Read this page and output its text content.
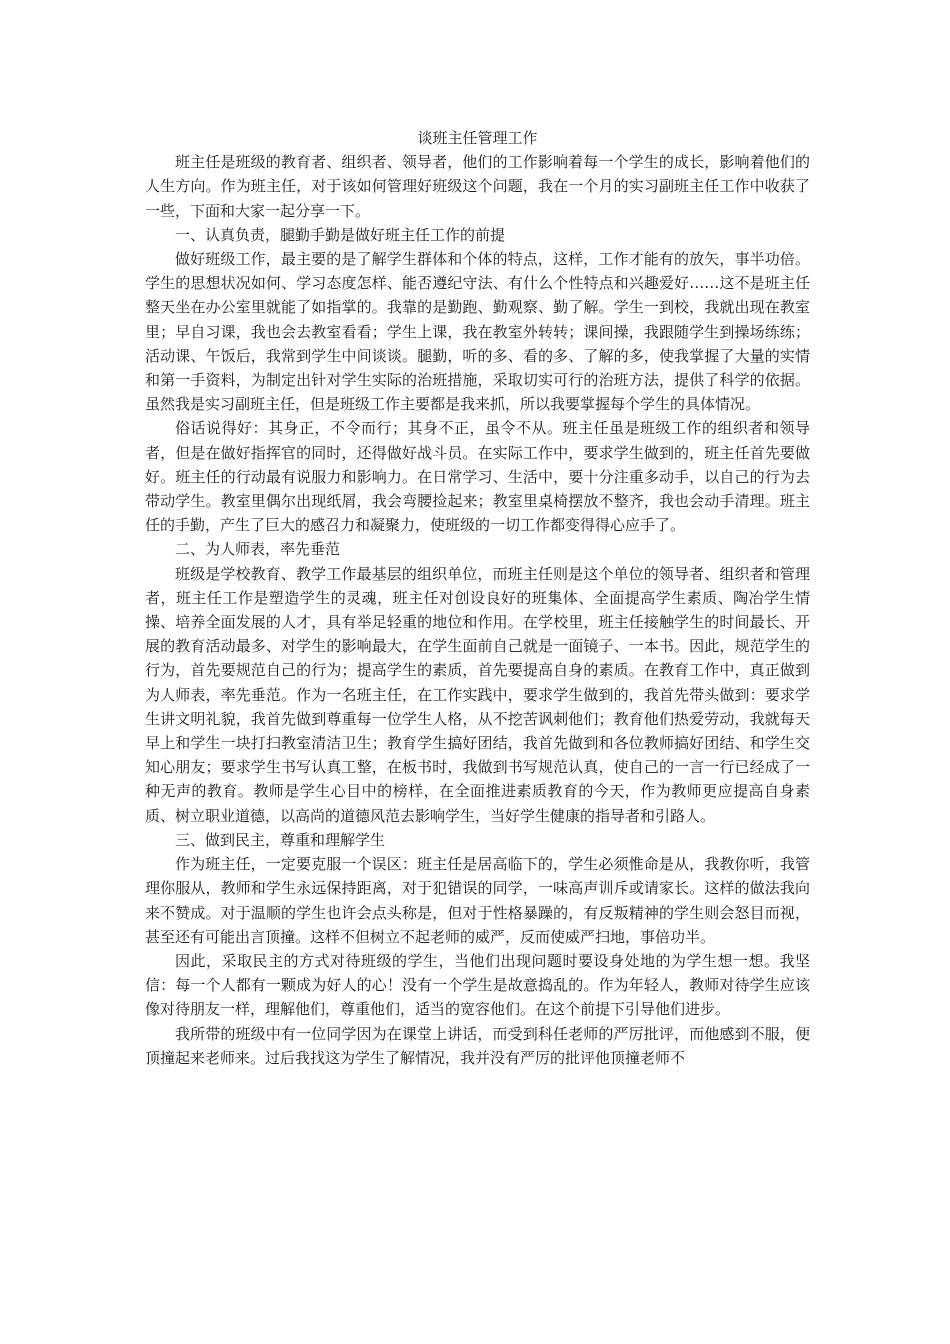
谈班主任管理工作

班主任是班级的教育者、组织者、领导者，他们的工作影响着每一个学生的成长，影响着他们的人生方向。作为班主任，对于该如何管理好班级这个问题，我在一个月的实习副班主任工作中收获了一些，下面和大家一起分享一下。

一、认真负责，腿勤手勤是做好班主任工作的前提

做好班级工作，最主要的是了解学生群体和个体的特点，这样，工作才能有的放矢，事半功倍。学生的思想状况如何、学习态度怎样、能否遵纪守法、有什么个性特点和兴趣爱好……这不是班主任整天坐在办公室里就能了如指掌的。我靠的是勤跑、勤观察、勤了解。学生一到校，我就出现在教室里；早自习课，我也会去教室看看；学生上课，我在教室外转转；课间操，我跟随学生到操场练练；活动课、午饭后，我常到学生中间谈谈。腿勤，听的多、看的多、了解的多，使我掌握了大量的实情和第一手资料，为制定出针对学生实际的治班措施，采取切实可行的治班方法，提供了科学的依据。虽然我是实习副班主任，但是班级工作主要都是我来抓，所以我要掌握每个学生的具体情况。

俗话说得好：其身正，不令而行；其身不正，虽令不从。班主任虽是班级工作的组织者和领导者，但是在做好指挥官的同时，还得做好战斗员。在实际工作中，要求学生做到的，班主任首先要做好。班主任的行动最有说服力和影响力。在日常学习、生活中，要十分注重多动手，以自己的行为去带动学生。教室里偶尔出现纸屑，我会弯腰捡起来；教室里桌椅摆放不整齐，我也会动手清理。班主任的手勤，产生了巨大的感召力和凝聚力，使班级的一切工作都变得得心应手了。

二、为人师表，率先垂范

班级是学校教育、教学工作最基层的组织单位，而班主任则是这个单位的领导者、组织者和管理者，班主任工作是塑造学生的灵魂，班主任对创设良好的班集体、全面提高学生素质、陶冶学生情操、培养全面发展的人才，具有举足轻重的地位和作用。在学校里，班主任接触学生的时间最长、开展的教育活动最多、对学生的影响最大，在学生面前自己就是一面镜子、一本书。因此，规范学生的行为，首先要规范自己的行为；提高学生的素质，首先要提高自身的素质。在教育工作中，真正做到为人师表，率先垂范。作为一名班主任，在工作实践中，要求学生做到的，我首先带头做到：要求学生讲文明礼貌，我首先做到尊重每一位学生人格，从不挖苦讽刺他们；教育他们热爱劳动，我就每天早上和学生一块打扫教室清洁卫生；教育学生搞好团结，我首先做到和各位教师搞好团结、和学生交知心朋友；要求学生书写认真工整，在板书时，我做到书写规范认真，使自己的一言一行已经成了一种无声的教育。教师是学生心目中的榜样，在全面推进素质教育的今天，作为教师更应提高自身素质、树立职业道德，以高尚的道德风范去影响学生，当好学生健康的指导者和引路人。

三、做到民主，尊重和理解学生

作为班主任，一定要克服一个误区：班主任是居高临下的，学生必须惟命是从，我教你听，我管理你服从，教师和学生永远保持距离，对于犯错误的同学，一味高声训斥或请家长。这样的做法我向来不赞成。对于温顺的学生也许会点头称是，但对于性格暴躁的，有反叛精神的学生则会怒目而视，甚至还有可能出言顶撞。这样不但树立不起老师的威严，反而使威严扫地，事倍功半。

因此，采取民主的方式对待班级的学生，当他们出现问题时要设身处地的为学生想一想。我坚信：每一个人都有一颗成为好人的心！没有一个学生是故意捣乱的。作为年轻人，教师对待学生应该像对待朋友一样，理解他们，尊重他们，适当的宽容他们。在这个前提下引导他们进步。

我所带的班级中有一位同学因为在课堂上讲话，而受到科任老师的严厉批评，而他感到不服，便顶撞起来老师来。过后我找这为学生了解情况，我并没有严厉的批评他顶撞老师不
